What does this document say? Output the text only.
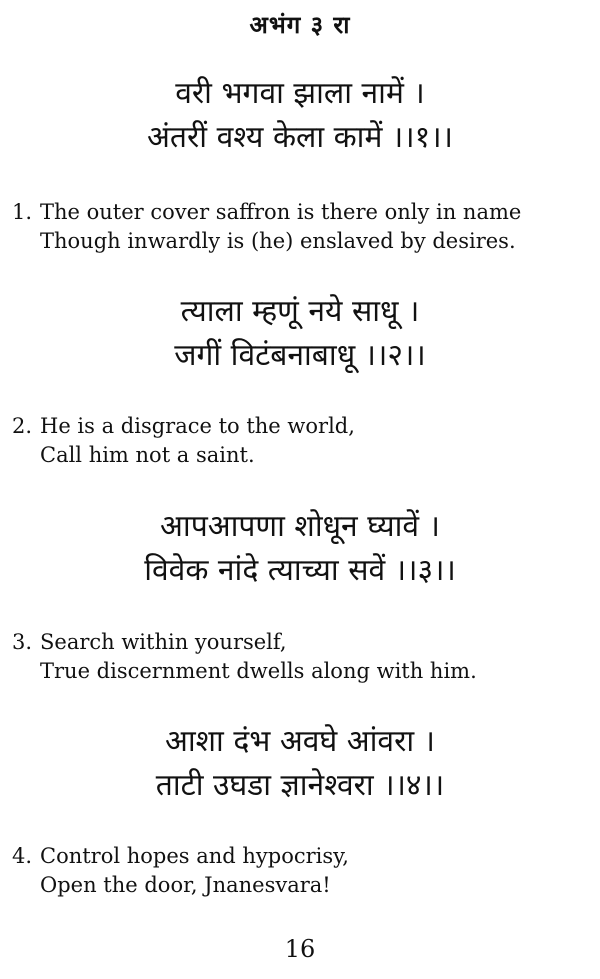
अभंग ३ रा
वरी भगवा झाला नामें ।
अंतरीं वश्य केला कामें ।।१।।
1. The outer cover saffron is there only in name
Though inwardly is (he) enslaved by desires.
त्याला म्हणूं नये साधू ।
जगीं विटंबनाबाधू ।।२।।
2. He is a disgrace to the world,
Call him not a saint.
आपआपणा शोधून घ्यावें ।
विवेक नांदे त्याच्या सवें ।।३।।
3. Search within yourself,
True discernment dwells along with him.
आशा दंभ अवघे आंवरा ।
ताटी उघडा ज्ञानेश्वरा ।।४।।
4. Control hopes and hypocrisy,
Open the door, Jnanesvara!
16
